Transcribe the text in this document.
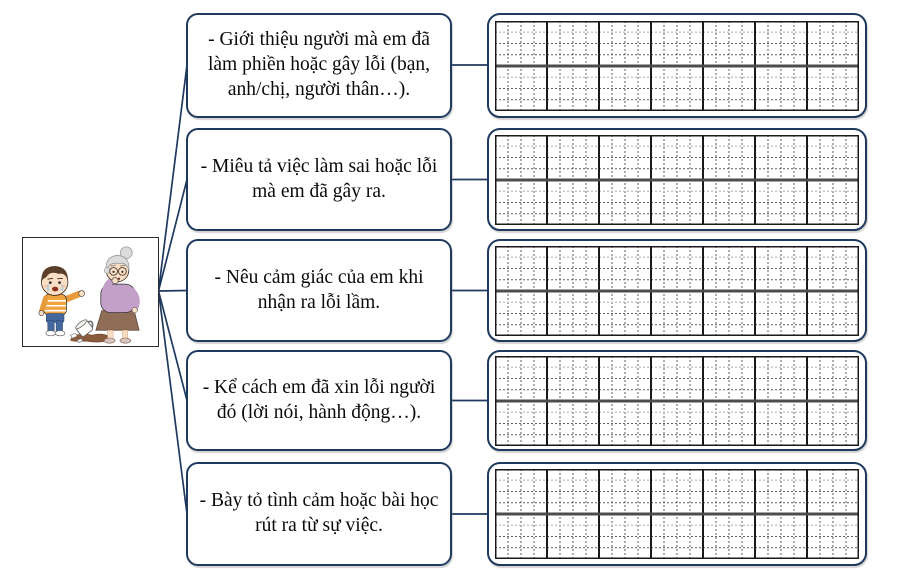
- Giới thiệu người mà em đã làm phiền hoặc gây lỗi (bạn, anh/chị, người thân…).
- Miêu tả việc làm sai hoặc lỗi mà em đã gây ra.
- Nêu cảm giác của em khi nhận ra lỗi lầm.
- Kể cách em đã xin lỗi người đó (lời nói, hành động…).
- Bày tỏ tình cảm hoặc bài học rút ra từ sự việc.
